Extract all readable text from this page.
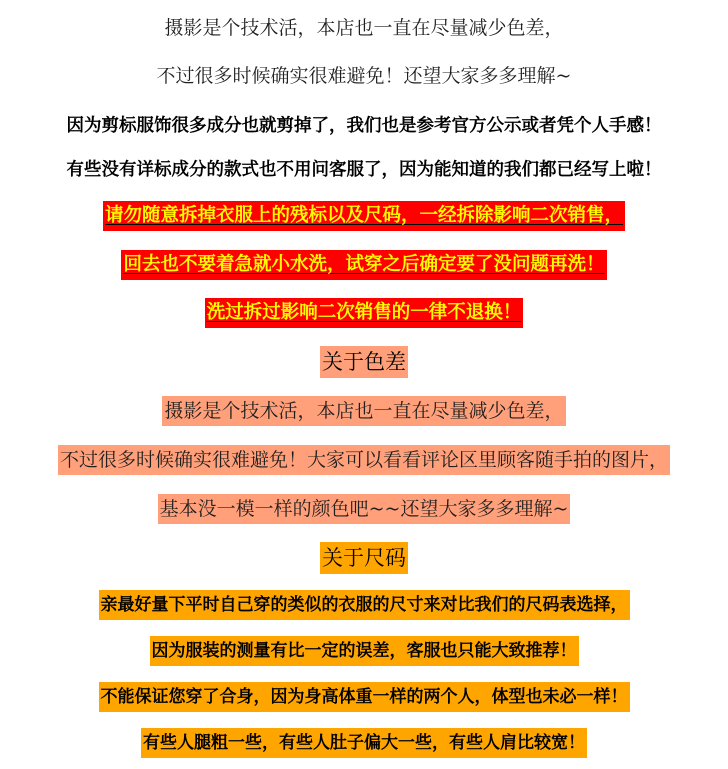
摄影是个技术活，本店也一直在尽量减少色差，
不过很多时候确实很难避免！还望大家多多理解~
因为剪标服饰很多成分也就剪掉了，我们也是参考官方公示或者凭个人手感！
有些没有详标成分的款式也不用问客服了，因为能知道的我们都已经写上啦！
请勿随意拆掉衣服上的残标以及尺码，一经拆除影响二次销售，
回去也不要着急就小水洗，试穿之后确定要了没问题再洗！
洗过拆过影响二次销售的一律不退换！
关于色差
摄影是个技术活，本店也一直在尽量减少色差，
不过很多时候确实很难避免！大家可以看看评论区里顾客随手拍的图片，
基本没一模一样的颜色吧~~还望大家多多理解~
关于尺码
亲最好量下平时自己穿的类似的衣服的尺寸来对比我们的尺码表选择，
因为服装的测量有比一定的误差，客服也只能大致推荐！
不能保证您穿了合身，因为身高体重一样的两个人，体型也未必一样！
有些人腿粗一些，有些人肚子偏大一些，有些人肩比较宽！
